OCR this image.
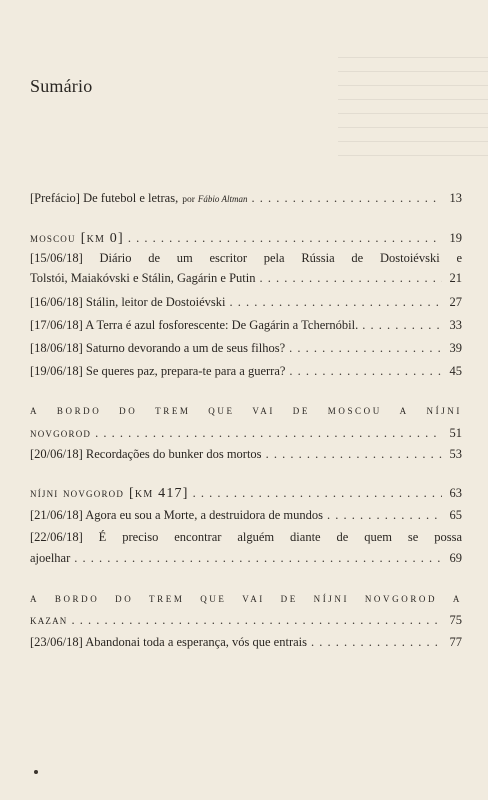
Sumário
[Prefácio] De futebol e letras, por Fábio Altman . . .	13
moscou [km 0] . . .	19
[15/06/18] Diário de um escritor pela Rússia de Dostoiévski e
Tolstói, Maiakóvski e Stálin, Gagárin e Putin . . .	21
[16/06/18] Stálin, leitor de Dostoiévski . . .	27
[17/06/18] A Terra é azul fosforescente: De Gagárin a Tchernóbil. . . .	33
[18/06/18] Saturno devorando a um de seus filhos? . . .	39
[19/06/18] Se queres paz, prepara-te para a guerra? . . .	45
a bordo do trem que vai de moscou a níjni
novgorod . . .	51
[20/06/18] Recordações do bunker dos mortos . . .	53
níjni novgorod [km 417] . . .	63
[21/06/18] Agora eu sou a Morte, a destruidora de mundos . . .	65
[22/06/18] É preciso encontrar alguém diante de quem se possa
ajoelhar . . .	69
a bordo do trem que vai de níjni novgorod a
kazan . . .	75
[23/06/18] Abandonai toda a esperança, vós que entrais . . .	77
